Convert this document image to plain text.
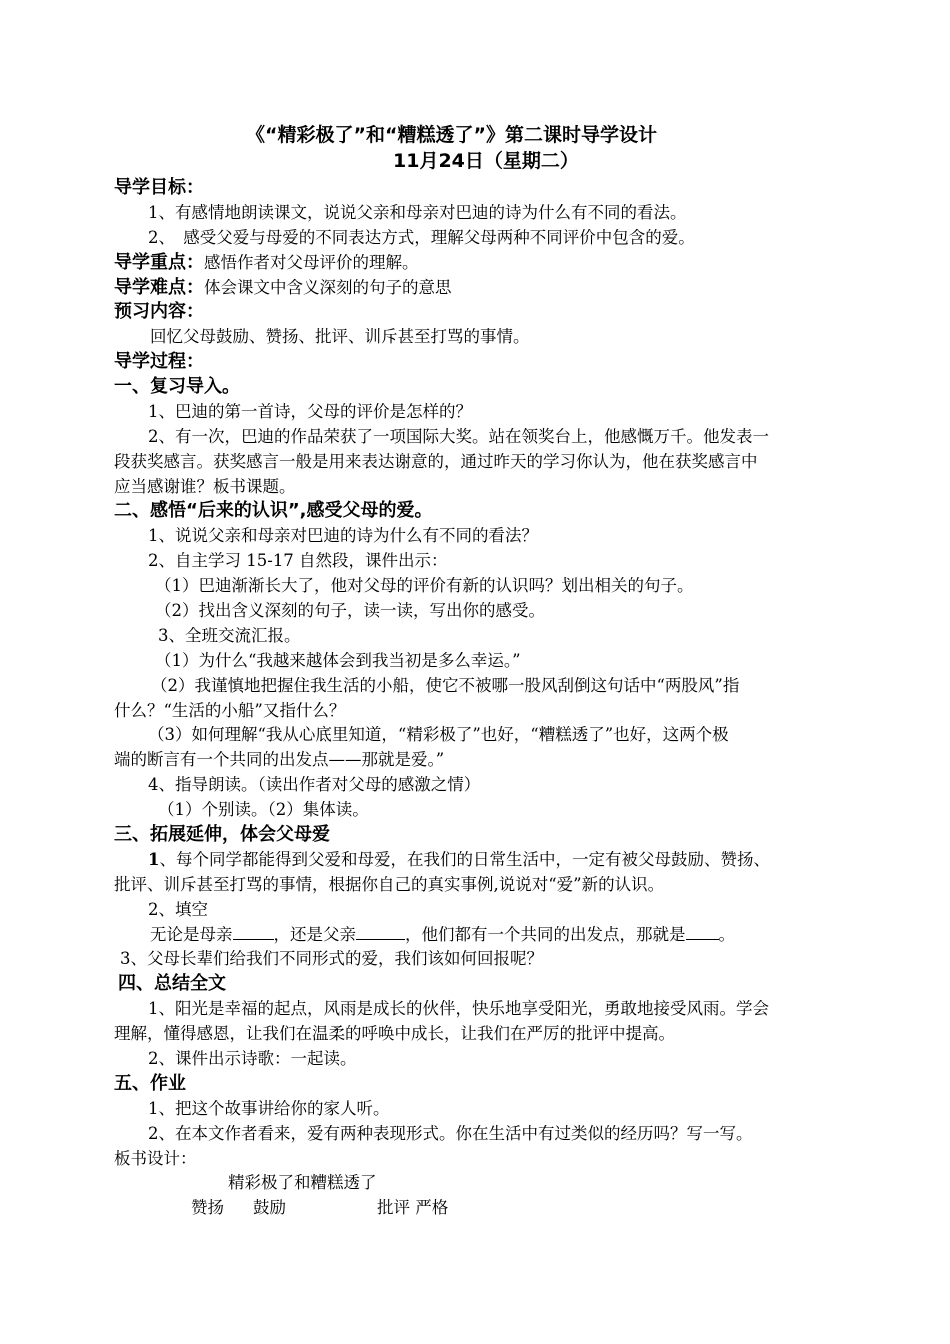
《“精彩极了”和“糟糕透了”》第二课时导学设计
11月24日（星期二）
导学目标：
1、有感情地朗读课文，说说父亲和母亲对巴迪的诗为什么有不同的看法。
2、　感受父爱与母爱的不同表达方式，理解父母两种不同评价中包含的爱。
导学重点：感悟作者对父母评价的理解。
导学难点：体会课文中含义深刻的句子的意思
预习内容：
回忆父母鼓励、赞扬、批评、训斥甚至打骂的事情。
导学过程：
一、复习导入。
1、巴迪的第一首诗，父母的评价是怎样的？
2、有一次，巴迪的作品荣获了一项国际大奖。站在领奖台上，他感慨万千。他发表一
段获奖感言。获奖感言一般是用来表达谢意的，通过昨天的学习你认为，他在获奖感言中
应当感谢谁？板书课题。
二、感悟“后来的认识”,感受父母的爱。
1、说说父亲和母亲对巴迪的诗为什么有不同的看法？
2、自主学习 15-17 自然段，课件出示：
（1）巴迪渐渐长大了，他对父母的评价有新的认识吗？划出相关的句子。
（2）找出含义深刻的句子，读一读，写出你的感受。
3、全班交流汇报。
（1）为什么“我越来越体会到我当初是多么幸运。”
（2）我谨慎地把握住我生活的小船，使它不被哪一股风刮倒这句话中“两股风”指
什么？“生活的小船”又指什么？
（3）如何理解“我从心底里知道，“精彩极了”也好，“糟糕透了”也好，这两个极
端的断言有一个共同的出发点——那就是爱。”
4、指导朗读。（读出作者对父母的感激之情）
（1）个别读。（2）集体读。
三、拓展延伸，体会父母爱
1、每个同学都能得到父爱和母爱，在我们的日常生活中，一定有被父母鼓励、赞扬、
批评、训斥甚至打骂的事情，根据你自己的真实事例,说说对“爱”新的认识。
2、填空
无论是母亲 ，还是父亲	，他们都有一个共同的出发点，那就是 。
3、父母长辈们给我们不同形式的爱，我们该如何回报呢？
四、总结全文
1、阳光是幸福的起点，风雨是成长的伙伴，快乐地享受阳光，勇敢地接受风雨。学会
理解，懂得感恩，让我们在温柔的呼唤中成长，让我们在严厉的批评中提高。
2、课件出示诗歌：一起读。
五、作业
1、把这个故事讲给你的家人听。
2、在本文作者看来，爱有两种表现形式。你在生活中有过类似的经历吗？写一写。
板书设计：
精彩极了和糟糕透了
赞扬 鼓励	批评 严格
